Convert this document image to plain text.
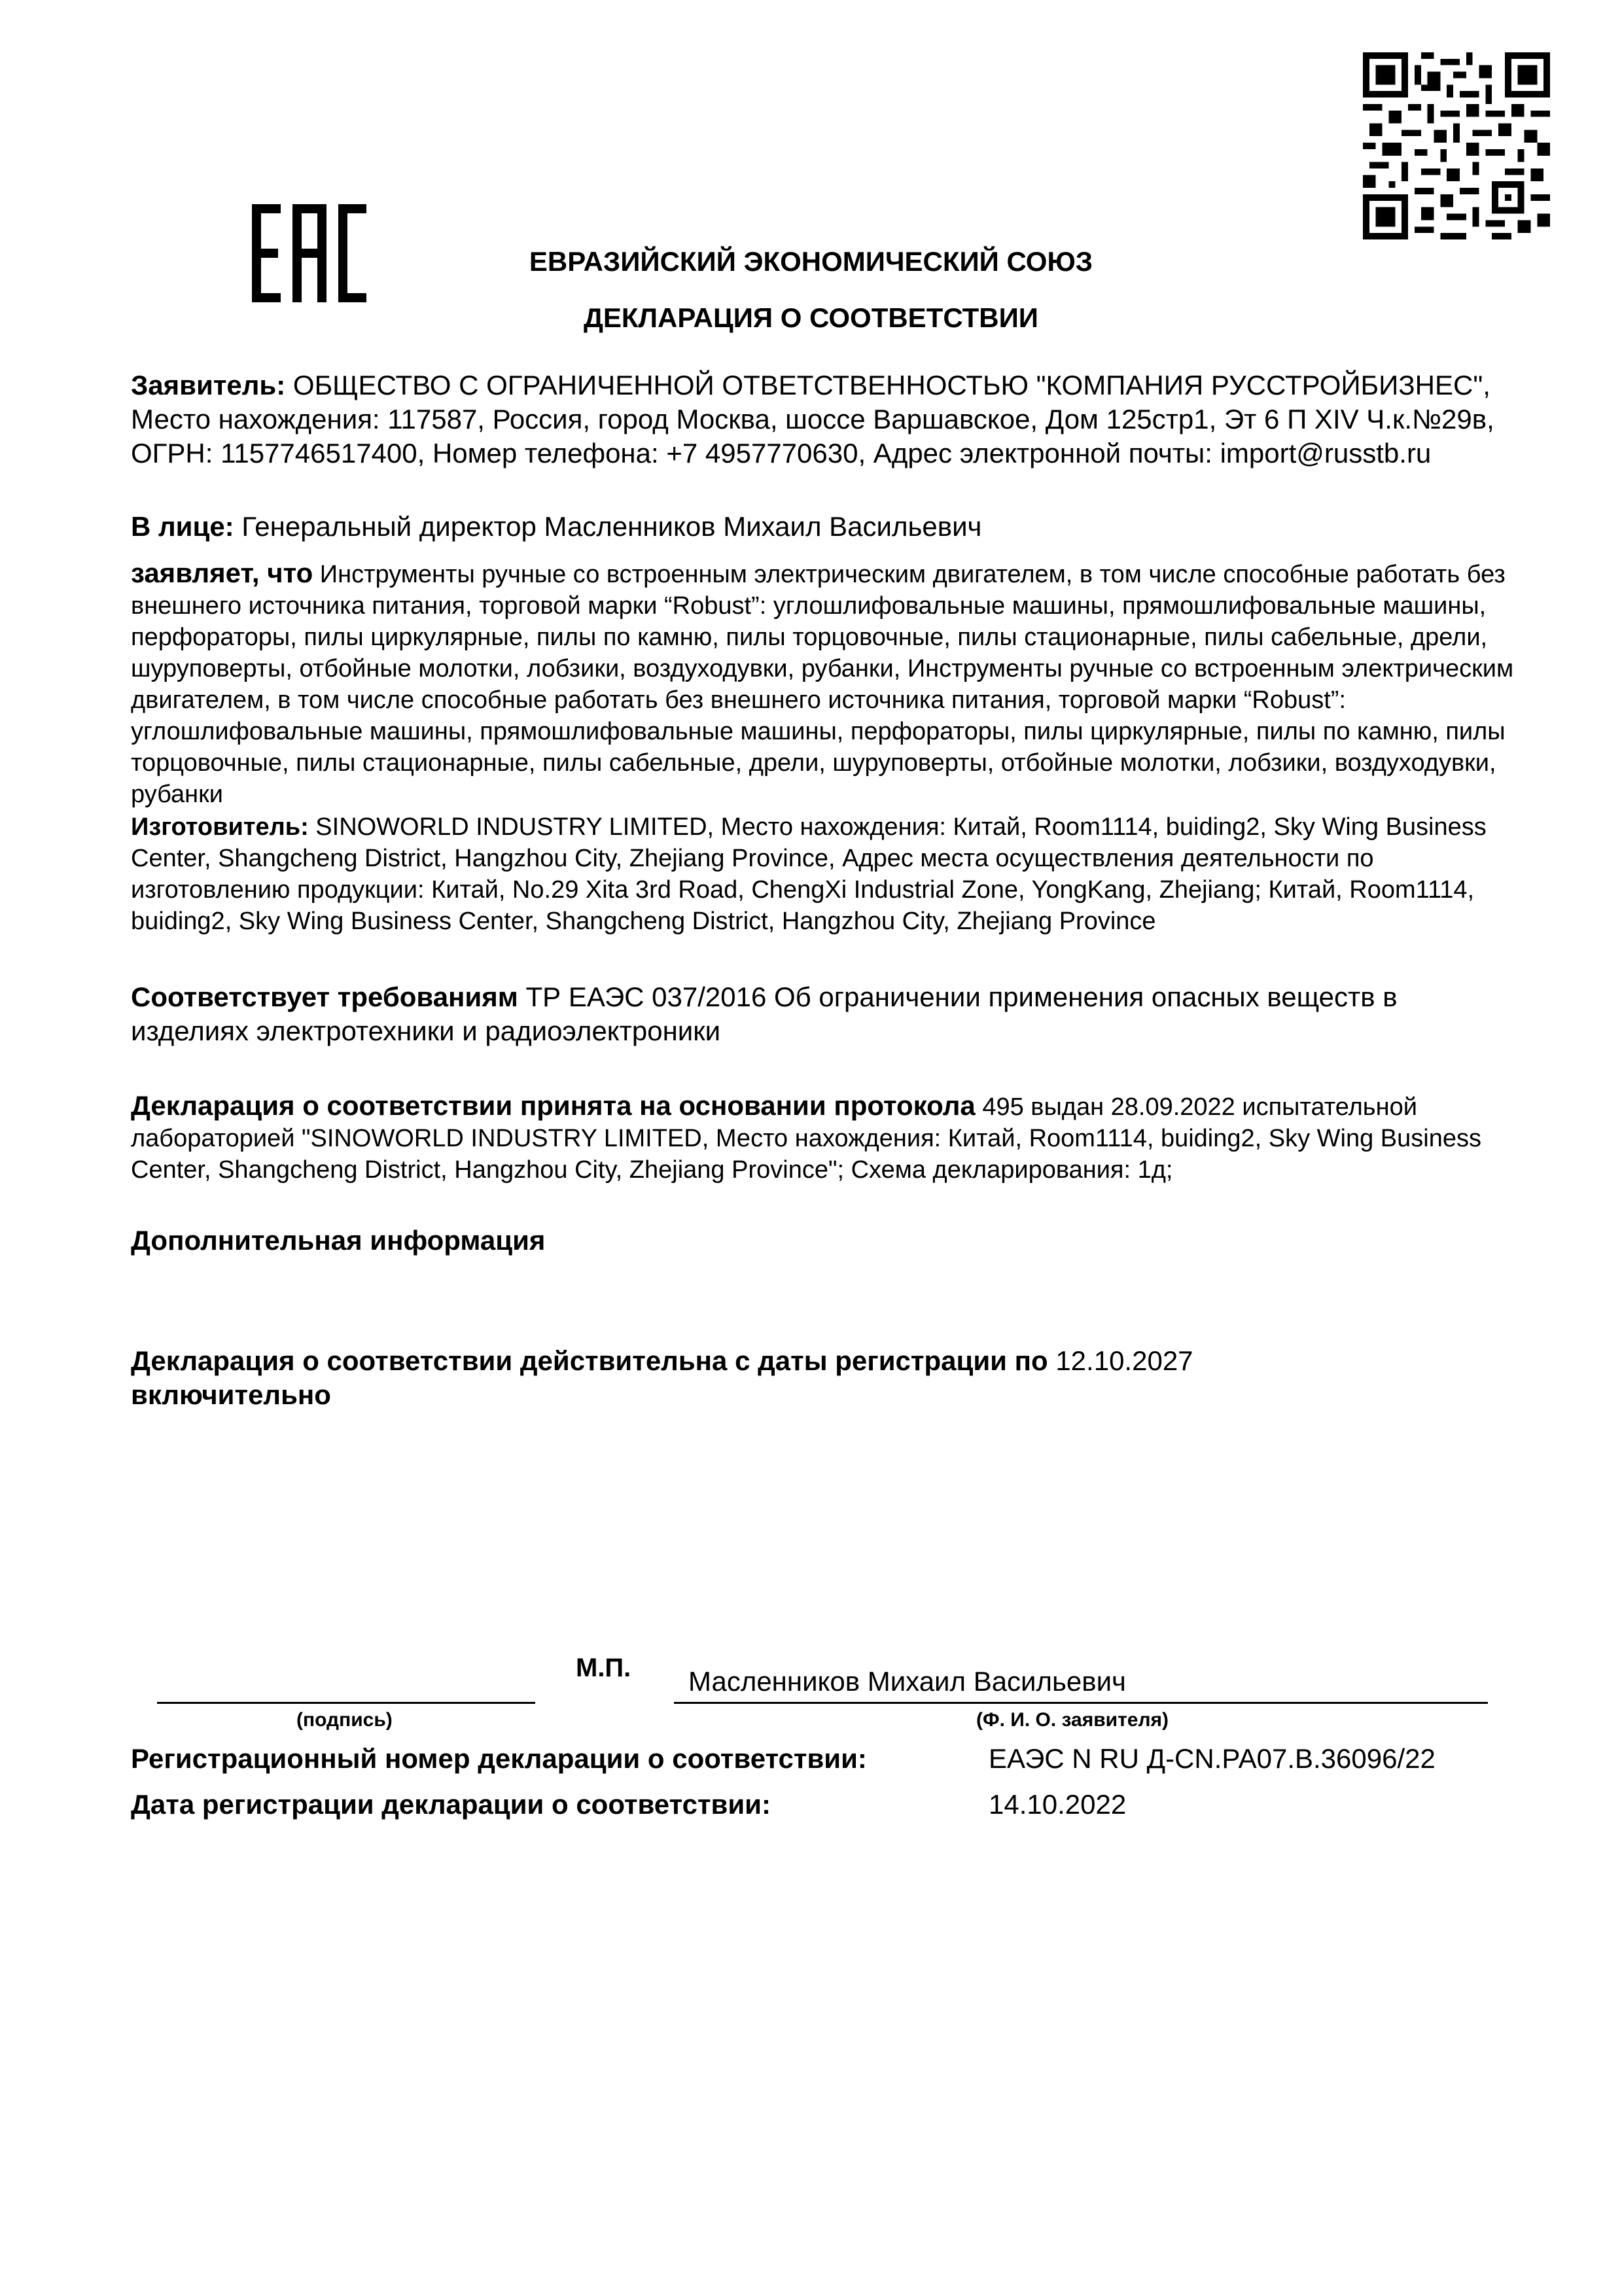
ЕВРАЗИЙСКИЙ ЭКОНОМИЧЕСКИЙ СОЮЗ
ДЕКЛАРАЦИЯ О СООТВЕТСТВИИ

Заявитель: ОБЩЕСТВО С ОГРАНИЧЕННОЙ ОТВЕТСТВЕННОСТЬЮ "КОМПАНИЯ РУССТРОЙБИЗНЕС", Место нахождения: 117587, Россия, город Москва, шоссе Варшавское, Дом 125стр1, Эт 6 П XIV Ч.к.№29в, ОГРН: 1157746517400, Номер телефона: +7 4957770630, Адрес электронной почты: import@russtb.ru

В лице: Генеральный директор Масленников Михаил Васильевич

заявляет, что Инструменты ручные со встроенным электрическим двигателем, в том числе способные работать без внешнего источника питания, торговой марки “Robust”: углошлифовальные машины, прямошлифовальные машины, перфораторы, пилы циркулярные, пилы по камню, пилы торцовочные, пилы стационарные, пилы сабельные, дрели, шуруповерты, отбойные молотки, лобзики, воздуходувки, рубанки, Инструменты ручные со встроенным электрическим двигателем, в том числе способные работать без внешнего источника питания, торговой марки “Robust”: углошлифовальные машины, прямошлифовальные машины, перфораторы, пилы циркулярные, пилы по камню, пилы торцовочные, пилы стационарные, пилы сабельные, дрели, шуруповерты, отбойные молотки, лобзики, воздуходувки, рубанки

Изготовитель: SINOWORLD INDUSTRY LIMITED, Место нахождения: Китай, Room1114, buiding2, Sky Wing Business Center, Shangcheng District, Hangzhou City, Zhejiang Province, Адрес места осуществления деятельности по изготовлению продукции: Китай, No.29 Xita 3rd Road, ChengXi Industrial Zone, YongKang, Zhejiang; Китай, Room1114, buiding2, Sky Wing Business Center, Shangcheng District, Hangzhou City, Zhejiang Province

Соответствует требованиям ТР ЕАЭС 037/2016 Об ограничении применения опасных веществ в изделиях электротехники и радиоэлектроники

Декларация о соответствии принята на основании протокола 495 выдан 28.09.2022 испытательной лабораторией "SINOWORLD INDUSTRY LIMITED, Место нахождения: Китай, Room1114, buiding2, Sky Wing Business Center, Shangcheng District, Hangzhou City, Zhejiang Province"; Схема декларирования: 1д;

Дополнительная информация

Декларация о соответствии действительна с даты регистрации по 12.10.2027
включительно

М.П. Масленников Михаил Васильевич
(подпись)	(Ф. И. О. заявителя)
Регистрационный номер декларации о соответствии:	ЕАЭС N RU Д-CN.РА07.В.36096/22
Дата регистрации декларации о соответствии:	14.10.2022
